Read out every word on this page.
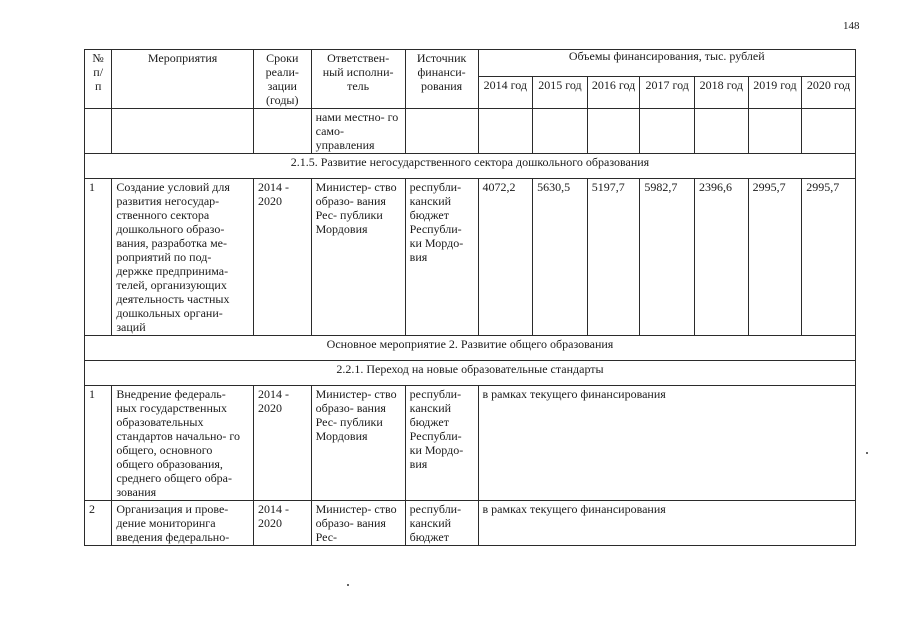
148
№ п/ п	Мероприятия	Сроки реали- зации (годы)	Ответствен- ный исполни- тель	Источник финанси- рования	Объемы финансирования, тыс. рублей						
					2014 год	2015 год	2016 год	2017 год	2018 год	2019 год	2020 год
			нами местно- го само- управления								
2.1.5. Развитие негосударственного сектора дошкольного образования											
1	Создание условий для развития негосудар- ственного сектора дошкольного образо- вания, разработка ме- роприятий по под- держке предпринима- телей, организующих деятельность частных дошкольных органи- заций	2014 - 2020	Министер- ство образо- вания Рес- публики Мордовия	республи- канский бюджет Республи- ки Мордо- вия	4072,2	5630,5	5197,7	5982,7	2396,6	2995,7	2995,7
Основное мероприятие 2. Развитие общего образования											
2.2.1. Переход на новые образовательные стандарты											
1	Внедрение федераль- ных государственных образовательных стандартов начально- го общего, основного общего образования, среднего общего обра- зования	2014 - 2020	Министер- ство образо- вания Рес- публики Мордовия	республи- канский бюджет Республи- ки Мордо- вия	в рамках текущего финансирования						
2	Организация и прове- дение мониторинга введения федерально-	2014 - 2020	Министер- ство образо- вания Рес-	республи- канский бюджет	в рамках текущего финансирования						
